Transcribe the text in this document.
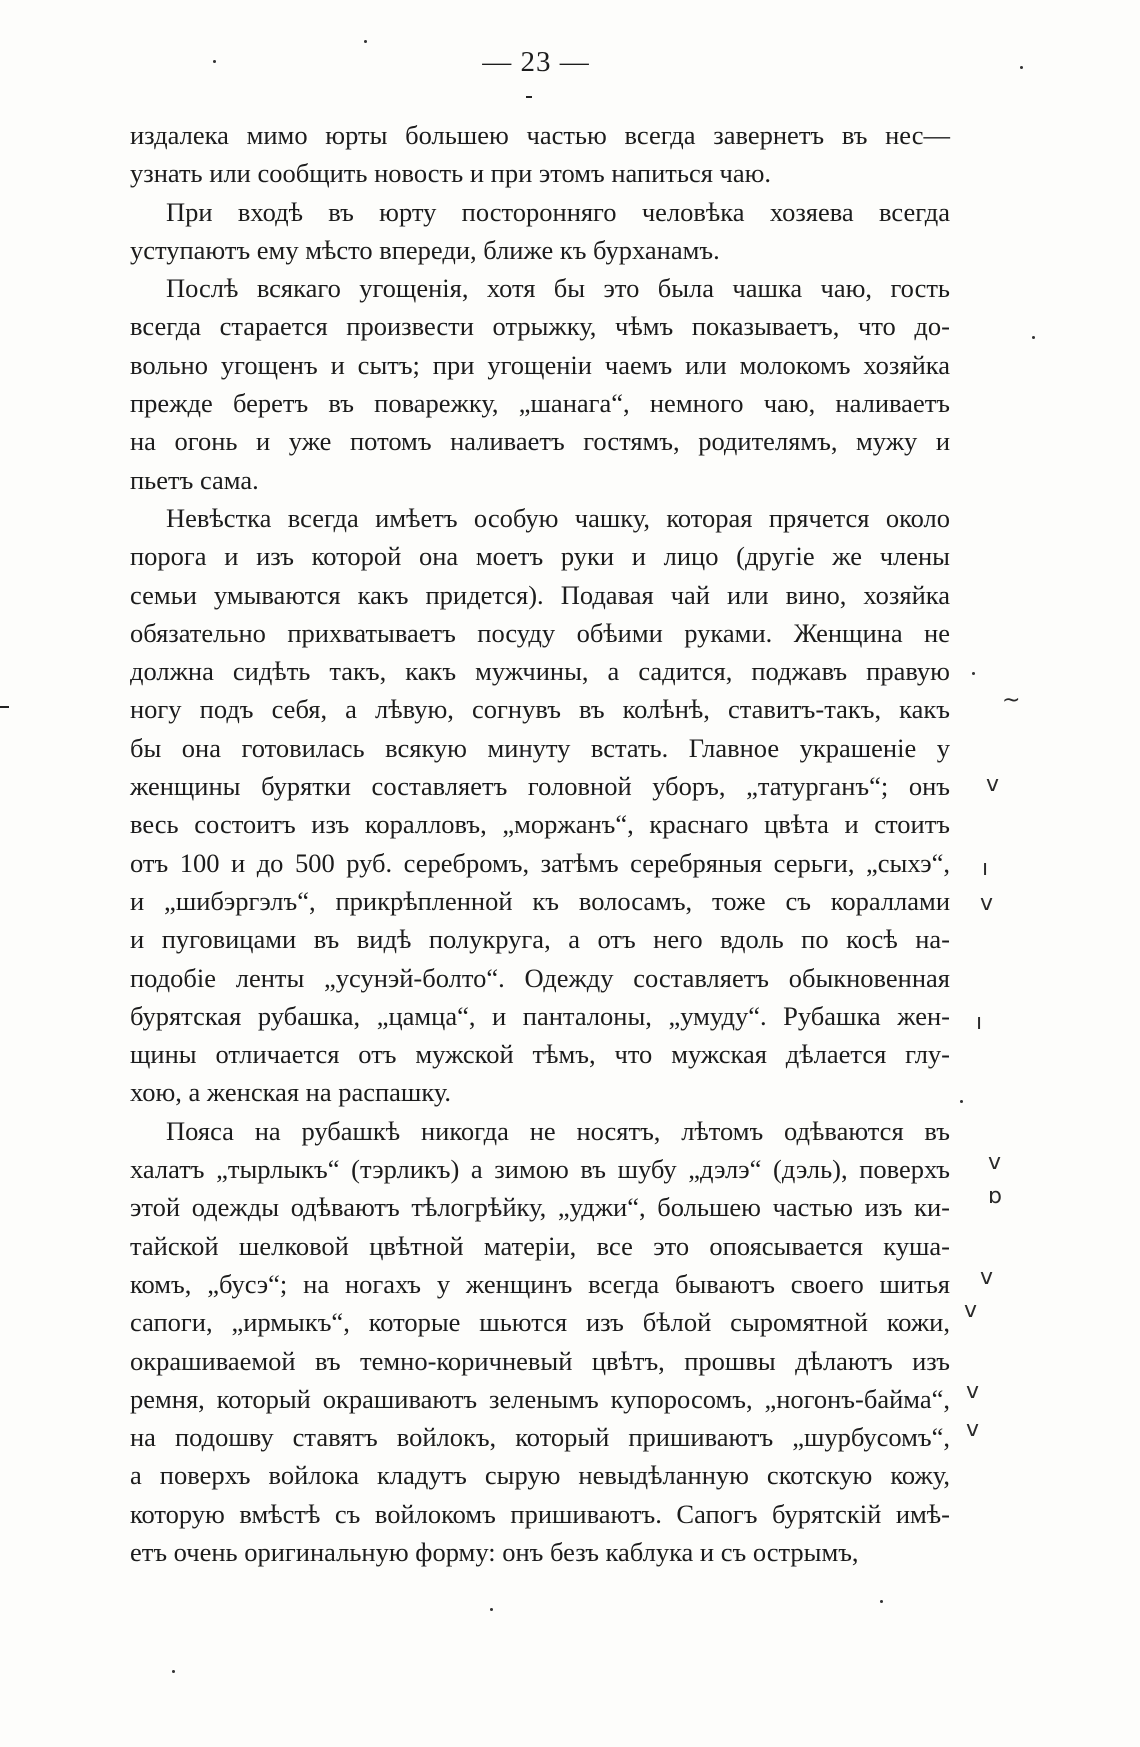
— 23 —
издалека мимо юрты большею частью всегда завернетъ въ нес—
узнать или сообщить новость и при этомъ напиться чаю.
При входѣ въ юрту посторонняго человѣка хозяева всегда
уступаютъ ему мѣсто впереди, ближе къ бурханамъ.
Послѣ всякаго угощенія, хотя бы это была чашка чаю, гость
всегда старается произвести отрыжку, чѣмъ показываетъ, что до-
вольно угощенъ и сытъ; при угощеніи чаемъ или молокомъ хозяйка
прежде беретъ въ поварежку, „шанага“, немного чаю, наливаетъ
на огонь и уже потомъ наливаетъ гостямъ, родителямъ, мужу и
пьетъ сама.
Невѣстка всегда имѣетъ особую чашку, которая прячется около
порога и изъ которой она моетъ руки и лицо (другіе же члены
семьи умываются какъ придется). Подавая чай или вино, хозяйка
обязательно прихватываетъ посуду обѣими руками. Женщина не
должна сидѣть такъ, какъ мужчины, а садится, поджавъ правую
ногу подъ себя, а лѣвую, согнувъ въ колѣнѣ, ставитъ-такъ, какъ
бы она готовилась всякую минуту встать. Главное украшеніе у
женщины бурятки составляетъ головной уборъ, „татурганъ“; онъ
весь состоитъ изъ коралловъ, „моржанъ“, краснаго цвѣта и стоитъ
отъ 100 и до 500 руб. серебромъ, затѣмъ серебряныя серьги, „сыхэ“,
и „шибэргэлъ“, прикрѣпленной къ волосамъ, тоже съ кораллами
и пуговицами въ видѣ полукруга, а отъ него вдоль по косѣ на-
подобіе ленты „усунэй-болто“. Одежду составляетъ обыкновенная
бурятская рубашка, „цамца“, и панталоны, „умуду“. Рубашка жен-
щины отличается отъ мужской тѣмъ, что мужская дѣлается глу-
хою, а женская на распашку.
Пояса на рубашкѣ никогда не носятъ, лѣтомъ одѣваются въ
халатъ „тырлыкъ“ (тэрликъ) а зимою въ шубу „дэлэ“ (дэль), поверхъ
этой одежды одѣваютъ тѣлогрѣйку, „уджи“, большею частью изъ ки-
тайской шелковой цвѣтной матеріи, все это опоясывается куша-
комъ, „бусэ“; на ногахъ у женщинъ всегда бываютъ своего шитья
сапоги, „ирмыкъ“, которые шьются изъ бѣлой сыромятной кожи,
окрашиваемой въ темно-коричневый цвѣтъ, прошвы дѣлаютъ изъ
ремня, который окрашиваютъ зеленымъ купоросомъ, „ногонъ-байма“,
на подошву ставятъ войлокъ, который пришиваютъ „шурбусомъ“,
а поверхъ войлока кладутъ сырую невыдѣланную скотскую кожу,
которую вмѣстѣ съ войлокомъ пришиваютъ. Сапогъ бурятскій имѣ-
етъ очень оригинальную форму: онъ безъ каблука и съ острымъ,
v
ı
v
ı
v
ɒ
v
v
v
v
~
